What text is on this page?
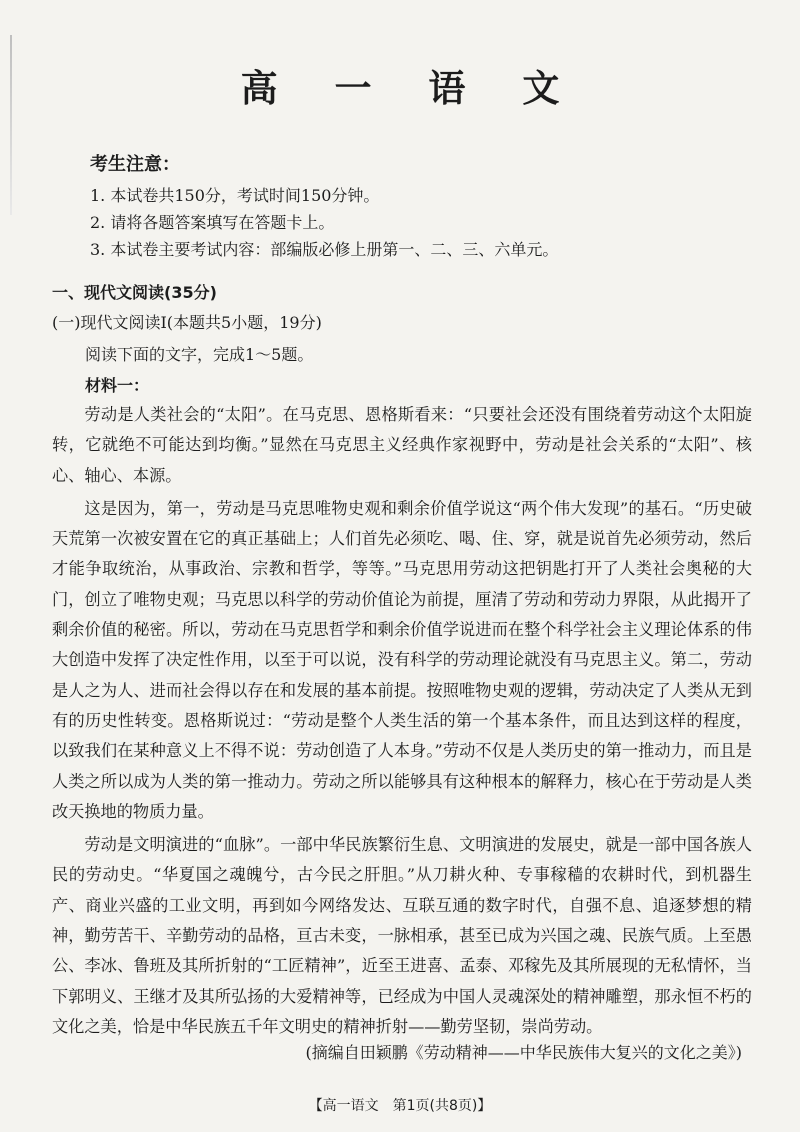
高 一 语 文
考生注意：
1. 本试卷共150分，考试时间150分钟。
2. 请将各题答案填写在答题卡上。
3. 本试卷主要考试内容：部编版必修上册第一、二、三、六单元。
一、现代文阅读(35分)
(一)现代文阅读Ⅰ(本题共5小题，19分)
阅读下面的文字，完成1～5题。
材料一：

劳动是人类社会的“太阳”。在马克思、恩格斯看来：“只要社会还没有围绕着劳动这个太阳旋转，它就绝不可能达到均衡。”显然在马克思主义经典作家视野中，劳动是社会关系的“太阳”、核心、轴心、本源。

这是因为，第一，劳动是马克思唯物史观和剩余价值学说这“两个伟大发现”的基石。“历史破天荒第一次被安置在它的真正基础上；人们首先必须吃、喝、住、穿，就是说首先必须劳动，然后才能争取统治，从事政治、宗教和哲学，等等。”马克思用劳动这把钥匙打开了人类社会奥秘的大门，创立了唯物史观；马克思以科学的劳动价值论为前提，厘清了劳动和劳动力界限，从此揭开了剩余价值的秘密。所以，劳动在马克思哲学和剩余价值学说进而在整个科学社会主义理论体系的伟大创造中发挥了决定性作用，以至于可以说，没有科学的劳动理论就没有马克思主义。第二，劳动是人之为人、进而社会得以存在和发展的基本前提。按照唯物史观的逻辑，劳动决定了人类从无到有的历史性转变。恩格斯说过：“劳动是整个人类生活的第一个基本条件，而且达到这样的程度，以致我们在某种意义上不得不说：劳动创造了人本身。”劳动不仅是人类历史的第一推动力，而且是人类之所以成为人类的第一推动力。劳动之所以能够具有这种根本的解释力，核心在于劳动是人类改天换地的物质力量。

劳动是文明演进的“血脉”。一部中华民族繁衍生息、文明演进的发展史，就是一部中国各族人民的劳动史。“华夏国之魂魄兮，古今民之肝胆。”从刀耕火种、专事稼穑的农耕时代，到机器生产、商业兴盛的工业文明，再到如今网络发达、互联互通的数字时代，自强不息、追逐梦想的精神，勤劳苦干、辛勤劳动的品格，亘古未变，一脉相承，甚至已成为兴国之魂、民族气质。上至愚公、李冰、鲁班及其所折射的“工匠精神”，近至王进喜、孟泰、邓稼先及其所展现的无私情怀，当下郭明义、王继才及其所弘扬的大爱精神等，已经成为中国人灵魂深处的精神雕塑，那永恒不朽的文化之美，恰是中华民族五千年文明史的精神折射——勤劳坚韧，崇尚劳动。

(摘编自田颖鹏《劳动精神——中华民族伟大复兴的文化之美》)
【高一语文　第1页(共8页)】
